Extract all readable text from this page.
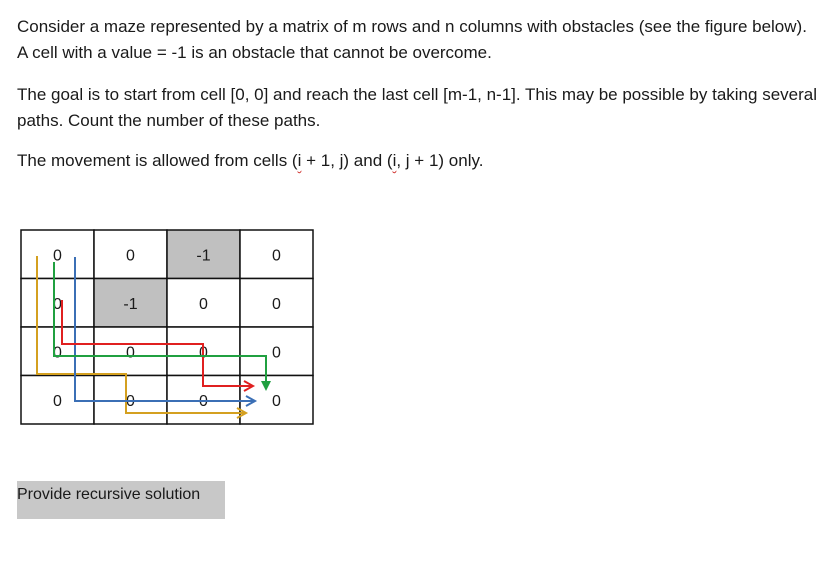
Consider a maze represented by a matrix of m rows and n columns with obstacles (see the figure below). A cell with a value = -1 is an obstacle that cannot be overcome.

The goal is to start from cell [0, 0] and reach the last cell [m-1, n-1]. This may be possible by taking several paths. Count the number of these paths.

The movement is allowed from cells (i + 1, j) and (i, j + 1) only.

0	0	-1	0
0	-1	0	0
0	0	0	0
0	0	0	0
Provide recursive solution
